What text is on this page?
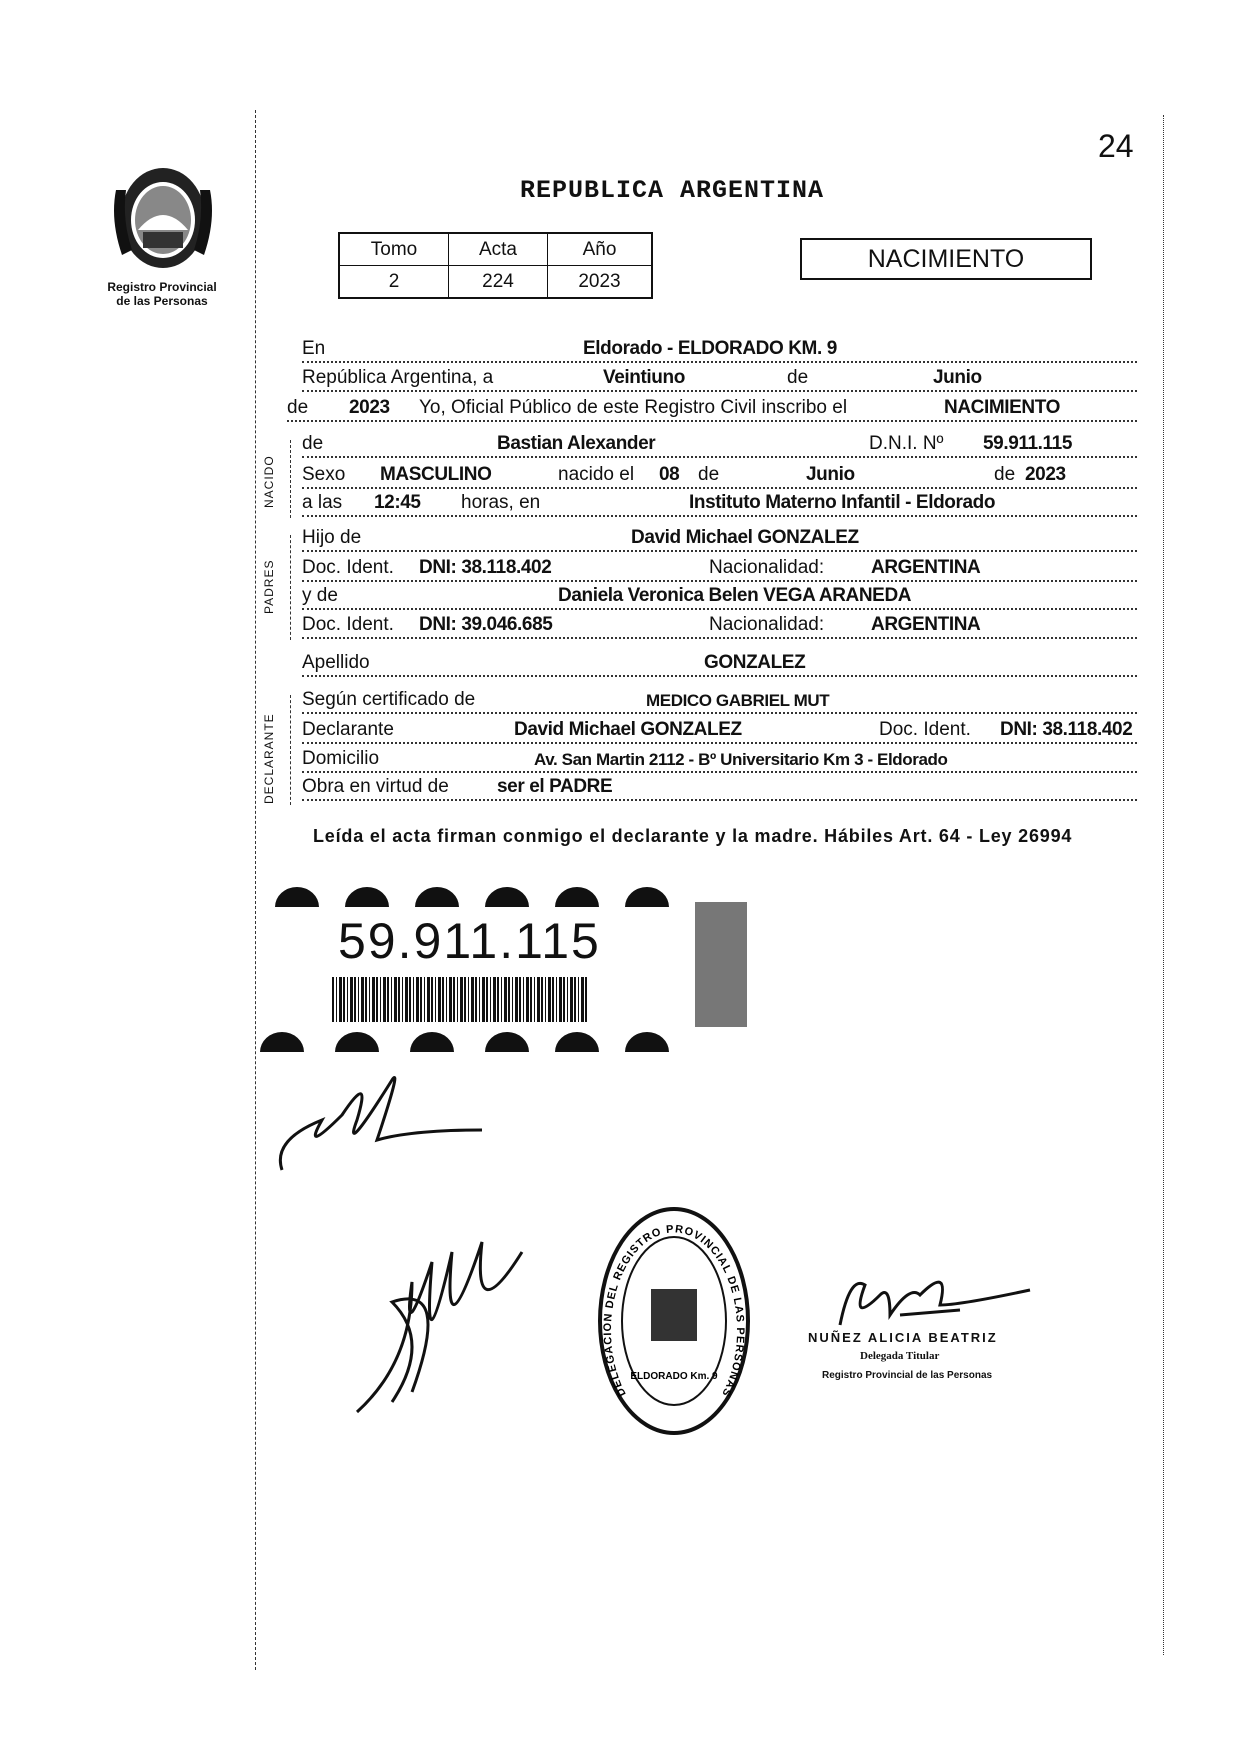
24
Registro Provincial
de las Personas
REPUBLICA ARGENTINA
Tomo	Acta	Año
2	224	2023
NACIMIENTO
NACIDO
PADRES
DECLARANTE
En	Eldorado - ELDORADO KM. 9
República Argentina, a	Veintiuno	de	Junio
de 2023 Yo, Oficial Público de este Registro Civil inscribo el	NACIMIENTO
de	Bastian Alexander	D.N.I. Nº 59.911.115
Sexo MASCULINO	nacido el 08 de	Junio	de 2023
a las 12:45 horas, en	Instituto Materno Infantil - Eldorado
Hijo de	David Michael GONZALEZ
Doc. Ident. DNI: 38.118.402	Nacionalidad: ARGENTINA
y de	Daniela Veronica Belen VEGA ARANEDA
Doc. Ident. DNI: 39.046.685	Nacionalidad: ARGENTINA
Apellido	GONZALEZ
Según certificado de	MEDICO GABRIEL MUT
Declarante	David Michael GONZALEZ	Doc. Ident. DNI: 38.118.402
Domicilio	Av. San Martin 2112 - Bº Universitario Km 3 - Eldorado
Obra en virtud de	ser el PADRE
Leída el acta firman conmigo el declarante y la madre. Hábiles Art. 64 - Ley 26994
59.911.115
DELEGACION DEL REGISTRO PROVINCIAL DE LAS PERSONAS
ELDORADO Km. 9
NUÑEZ ALICIA BEATRIZ
Delegada Titular
Registro Provincial de las Personas
